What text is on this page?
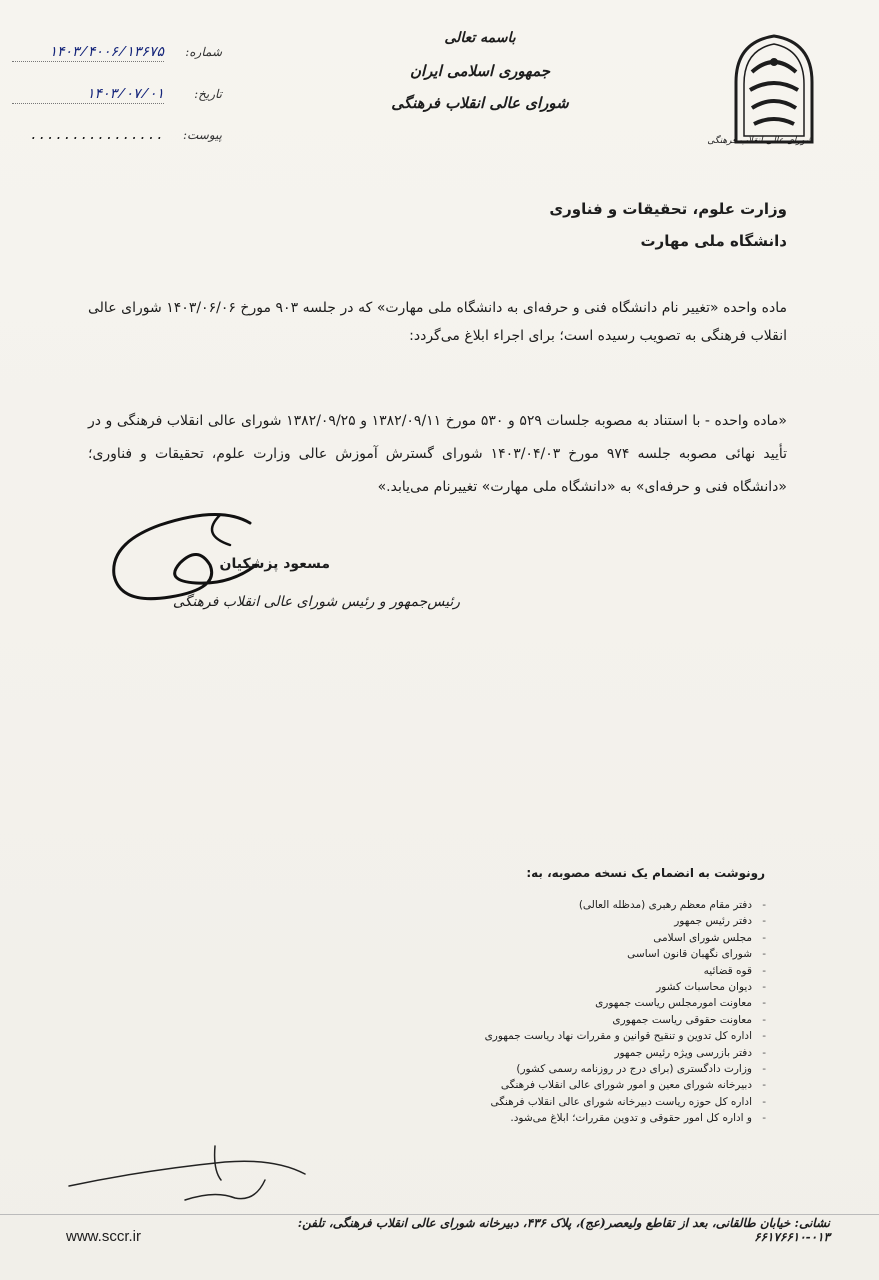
شورای عالی انقلاب فرهنگی
باسمه تعالی
جمهوری اسلامی ایران
شورای عالی انقلاب فرهنگی
شماره:
۱۴۰۳/۴۰۰۶/۱۳۶۷۵
تاریخ:
۱۴۰۳/۰۷/۰۱
پیوست:
................
وزارت علوم، تحقیقات و فناوری
دانشگاه ملی مهارت
ماده واحده «تغییر نام دانشگاه فنی و حرفه‌ای به دانشگاه ملی مهارت» که در جلسه ۹۰۳ مورخ ۱۴۰۳/۰۶/۰۶ شورای عالی انقلاب فرهنگی به تصویب رسیده است؛ برای اجراء ابلاغ می‌گردد:
«ماده واحده - با استناد به مصوبه جلسات ۵۲۹ و ۵۳۰ مورخ ۱۳۸۲/۰۹/۱۱ و ۱۳۸۲/۰۹/۲۵ شورای عالی انقلاب فرهنگی و در تأیید نهائی مصوبه جلسه ۹۷۴ مورخ ۱۴۰۳/۰۴/۰۳ شورای گسترش آموزش عالی وزارت علوم، تحقیقات و فناوری؛ «دانشگاه فنی و حرفه‌ای» به «دانشگاه ملی مهارت» تغییرنام می‌یابد.»
مسعود پزشکیان
رئیس‌جمهور و رئیس شورای عالی انقلاب فرهنگی
رونوشت به انضمام یک نسخه مصوبه، به:
- دفتر مقام معظم رهبری (مدظله العالی)
- دفتر رئیس جمهور
- مجلس شورای اسلامی
- شورای نگهبان قانون اساسی
- قوه قضائیه
- دیوان محاسبات کشور
- معاونت امورمجلس ریاست جمهوری
- معاونت حقوقی ریاست جمهوری
- اداره کل تدوین و تنقیح قوانین و مقررات نهاد ریاست جمهوری
- دفتر بازرسی ویژه رئیس جمهور
- وزارت دادگستری (برای درج در روزنامه رسمی کشور)
- دبیرخانه شورای معین و امور شورای عالی انقلاب فرهنگی
- اداره کل حوزه ریاست دبیرخانه شورای عالی انقلاب فرهنگی
- و اداره کل امور حقوقی و تدوین مقررات؛ ابلاغ می‌شود.
www.sccr.ir
نشانی: خیابان طالقانی، بعد از تقاطع ولیعصر(عج)، پلاک ۴۳۶، دبیرخانه شورای عالی انقلاب فرهنگی، تلفن: ۰۱۳-۶۶۱۷۶۶۱۰
